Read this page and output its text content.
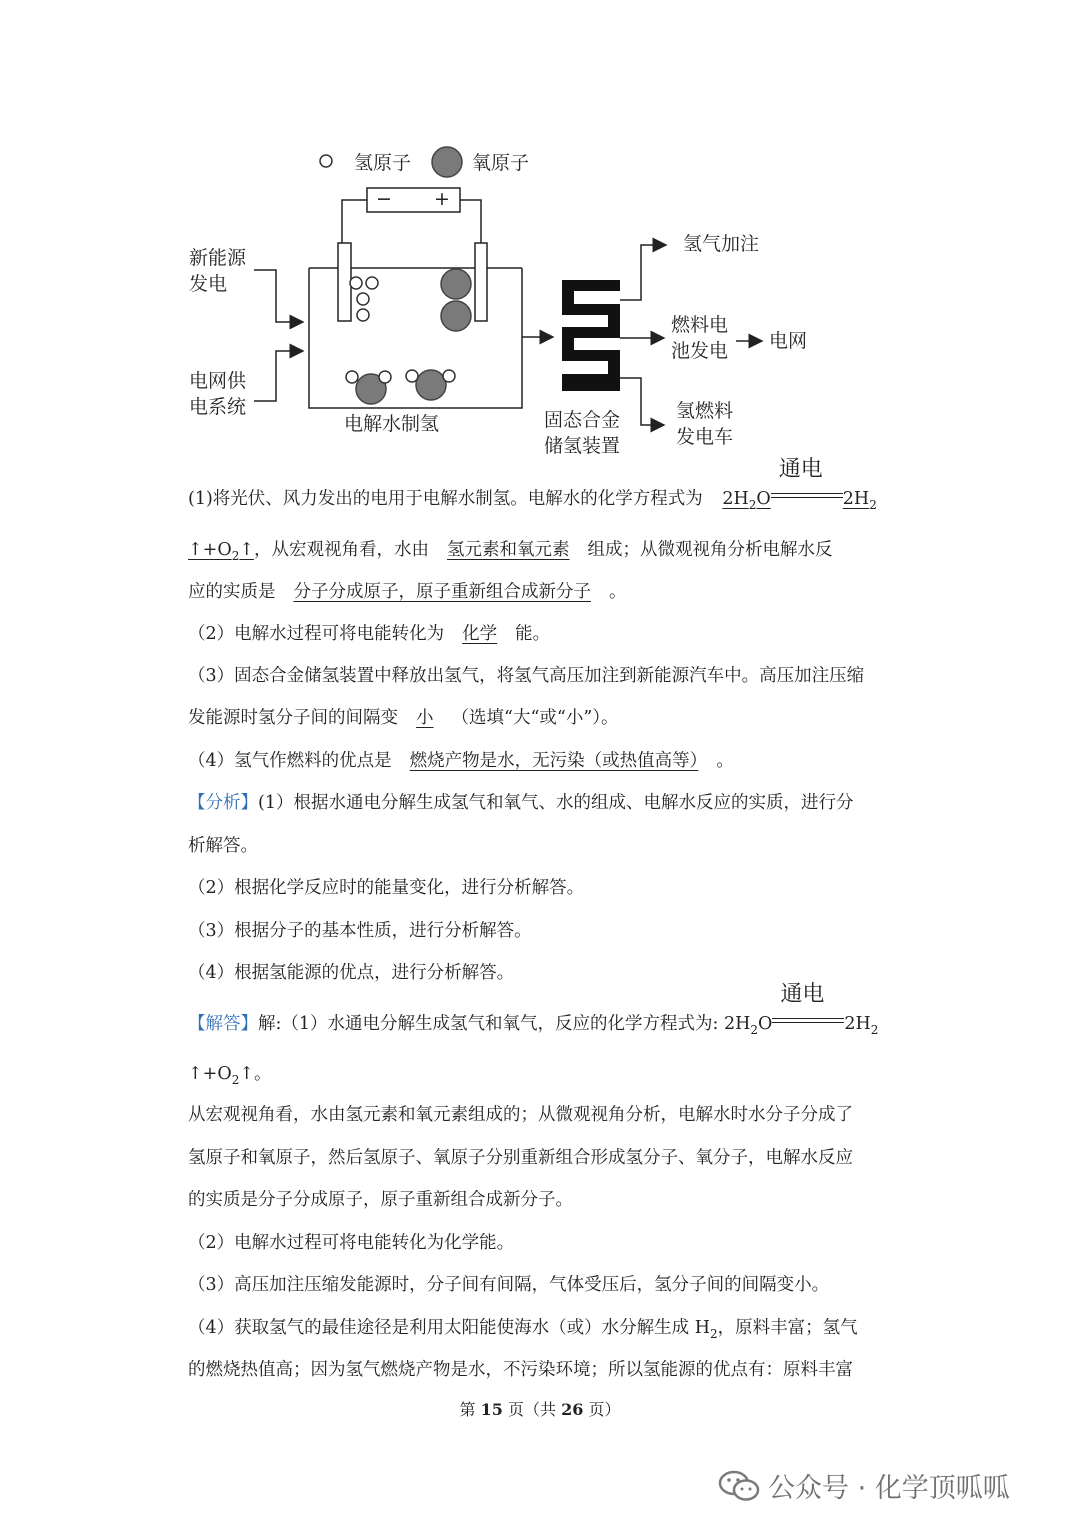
氢原子	氧原子
− +
新能源
发电
电网供
电系统
电解水制氢	固态合金
储氢装置
氢气加注
燃料电
池发电 电网
氢燃料
发电车
(1)将光伏、风力发出的电用于电解水制氢。电解水的化学方程式为 $2H_2O$
通电
$2H_2$
$↑+O_2↑$，从宏观视角看，水由 氢元素和氧元素 组成；从微观视角分析电解水反
应的实质是 分子分成原子，原子重新组合成新分子 。
（2）电解水过程可将电能转化为 化学 能。
（3）固态合金储氢装置中释放出氢气，将氢气高压加注到新能源汽车中。高压加注压缩
发能源时氢分子间的间隔变 小 （选填“大“或“小”）。
（4）氢气作燃料的优点是 燃烧产物是水，无污染（或热值高等） 。
【分析】(1）根据水通电分解生成氢气和氧气、水的组成、电解水反应的实质，进行分
析解答。
（2）根据化学反应时的能量变化，进行分析解答。
（3）根据分子的基本性质，进行分析解答。
（4）根据氢能源的优点，进行分析解答。
【解答】解:（1）水通电分解生成氢气和氧气，反应的化学方程式为: $2H_2O$
通电
$2H_2$
$↑+O_2↑$。
从宏观视角看，水由氢元素和氧元素组成的；从微观视角分析，电解水时水分子分成了
氢原子和氧原子，然后氢原子、氧原子分别重新组合形成氢分子、氧分子，电解水反应
的实质是分子分成原子，原子重新组合成新分子。
（2）电解水过程可将电能转化为化学能。
（3）高压加注压缩发能源时，分子间有间隔，气体受压后，氢分子间的间隔变小。
（4）获取氢气的最佳途径是利用太阳能使海水（或）水分解生成 $H_2$，原料丰富；氢气
的燃烧热值高；因为氢气燃烧产物是水，不污染环境；所以氢能源的优点有：原料丰富
第 15 页（共 26 页）
公众号 · 化学顶呱呱
